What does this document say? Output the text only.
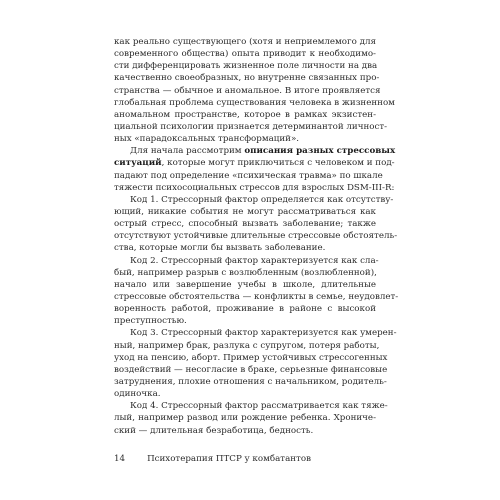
как реально существующего (хотя и неприемлемого для
современного общества) опыта приводит к необходимо-
сти дифференцировать жизненное поле личности на два
качественно своеобразных, но внутренне связанных про-
странства — обычное и аномальное. В итоге проявляется
глобальная проблема существования человека в жизненном
аномальном пространстве, которое в рамках экзистен-
циальной психологии признается детерминантой личност-
ных «парадоксальных трансформаций».
Для начала рассмотрим описания разных стрессовых
ситуаций, которые могут приключиться с человеком и под-
падают под определение «психическая травма» по шкале
тяжести психосоциальных стрессов для взрослых DSM-III-R:
Код 1. Стрессорный фактор определяется как отсутству-
ющий, никакие события не могут рассматриваться как
острый стресс, способный вызвать заболевание; также
отсутствуют устойчивые длительные стрессовые обстоятель-
ства, которые могли бы вызвать заболевание.
Код 2. Стрессорный фактор характеризуется как сла-
бый, например разрыв с возлюбленным (возлюбленной),
начало или завершение учебы в школе, длительные
стрессовые обстоятельства — конфликты в семье, неудовлет-
воренность работой, проживание в районе с высокой
преступностью.
Код 3. Стрессорный фактор характеризуется как умерен-
ный, например брак, разлука с супругом, потеря работы,
уход на пенсию, аборт. Пример устойчивых стрессогенных
воздействий — несогласие в браке, серьезные финансовые
затруднения, плохие отношения с начальником, родитель-
одиночка.
Код 4. Стрессорный фактор рассматривается как тяже-
лый, например развод или рождение ребенка. Хрониче-
ский — длительная безработица, бедность.
14	Психотерапия ПТСР у комбатантов
